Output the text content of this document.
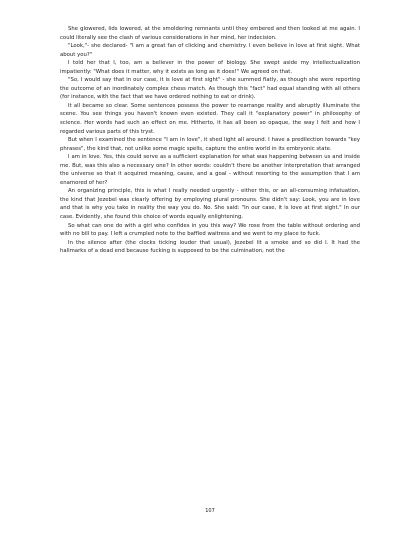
She glowered, lids lowered, at the smoldering remnants until they embered and then looked at me again. I could literally see the clash of various considerations in her mind, her indecision.

"Look,"- she declared- "I am a great fan of clicking and chemistry. I even believe in love at first sight. What about you?"

I told her that I, too, am a believer in the power of biology. She swept aside my intellectualization impatiently: "What does it matter, why it exists as long as it does!" We agreed on that.

"So, I would say that in our case, it is love at first sight" - she summed flatly, as though she were reporting the outcome of an inordinately complex chess match. As though this "fact" had equal standing with all others (for instance, with the fact that we have ordered nothing to eat or drink).

It all became so clear. Some sentences possess the power to rearrange reality and abruptly illuminate the scene. You see things you haven't known even existed. They call it "explanatory power" in philosophy of science. Her words had such an effect on me. Hitherto, it has all been so opaque, the way I felt and how I regarded various parts of this tryst.

But when I examined the sentence "I am in love", it shed light all around. I have a predilection towards "key phrases", the kind that, not unlike some magic spells, capture the entire world in its embryonic state.

I am in love. Yes, this could serve as a sufficient explanation for what was happening between us and inside me. But, was this also a necessary one? In other words: couldn't there be another interpretation that arranged the universe so that it acquired meaning, cause, and a goal - without resorting to the assumption that I am enamored of her?

An organizing principle, this is what I really needed urgently - either this, or an all-consuming infatuation, the kind that Jezebel was clearly offering by employing plural pronouns. She didn't say: Look, you are in love and that is why you take in reality the way you do. No. She said: "In our case, it is love at first sight." In our case. Evidently, she found this choice of words equally enlightening.

So what can one do with a girl who confides in you this way? We rose from the table without ordering and with no bill to pay. I left a crumpled note to the baffled waitress and we went to my place to fuck.

In the silence after (the clocks ticking louder that usual), Jezebel lit a smoke and so did I. It had the hallmarks of a dead end because fucking is supposed to be the culmination, not the

107
